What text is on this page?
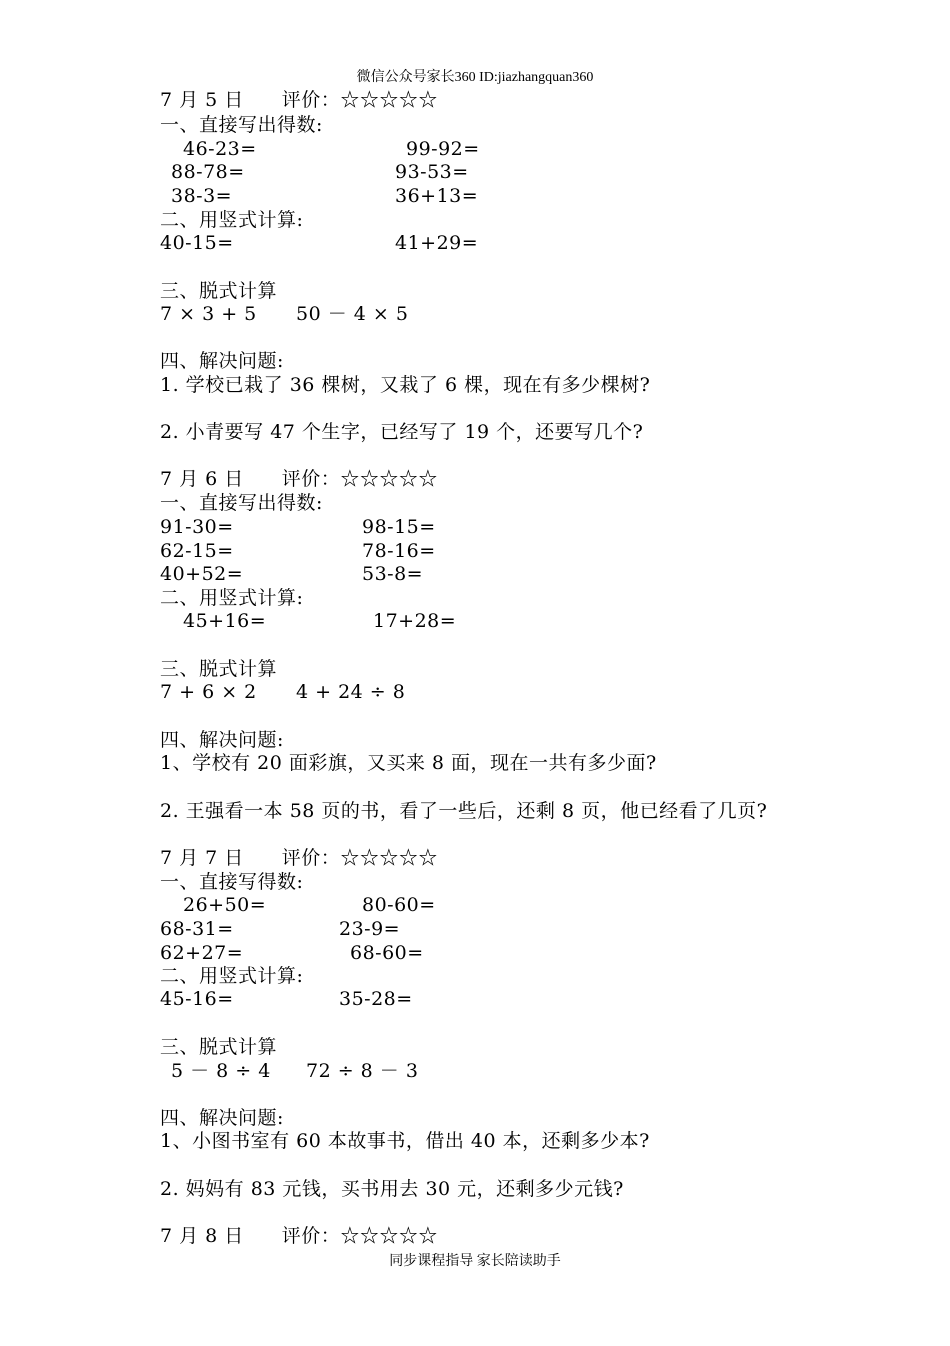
微信公众号家长360 ID:jiazhangquan360
7 月 5 日 评价：☆☆☆☆☆
一、直接写出得数:
46-23=	99-92=
88-78=	93-53=
38-3=	36+13=
二、用竖式计算:
40-15=	41+29=
三、脱式计算
7 × 3 + 5 50 － 4 × 5
四、解决问题:
1. 学校已栽了 36 棵树，又栽了 6 棵，现在有多少棵树?
2. 小青要写 47 个生字，已经写了 19 个，还要写几个?
7 月 6 日 评价：☆☆☆☆☆
一、直接写出得数:
91-30=	98-15=
62-15=	78-16=
40+52=	53-8=
二、用竖式计算:
45+16=	17+28=
三、脱式计算
7 + 6 × 2 4 + 24 ÷ 8
四、解决问题:
1、学校有 20 面彩旗，又买来 8 面，现在一共有多少面?
2. 王强看一本 58 页的书，看了一些后，还剩 8 页，他已经看了几页?
7 月 7 日 评价：☆☆☆☆☆
一、直接写得数:
26+50=	80-60=
68-31=	23-9=
62+27=	68-60=
二、用竖式计算:
45-16=	35-28=
三、脱式计算
5 － 8 ÷ 4 72 ÷ 8 － 3
四、解决问题:
1、小图书室有 60 本故事书，借出 40 本，还剩多少本?
2. 妈妈有 83 元钱，买书用去 30 元，还剩多少元钱?
7 月 8 日 评价：☆☆☆☆☆
同步课程指导 家长陪读助手
